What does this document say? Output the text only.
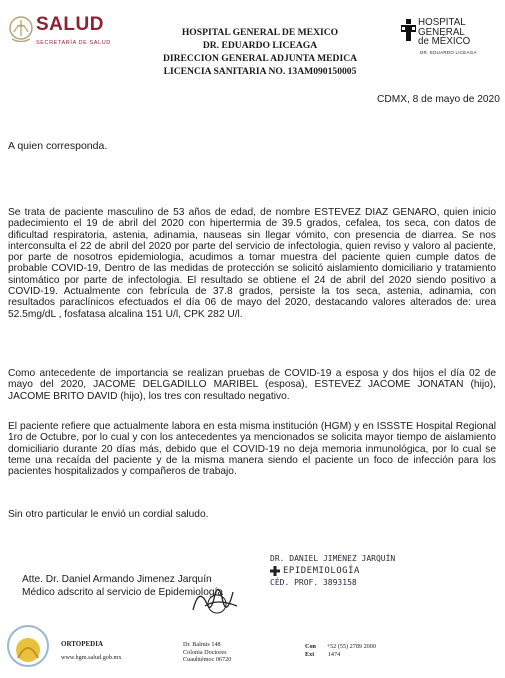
SALUD
SECRETARÍA DE SALUD
HOSPITAL GENERAL DE MEXICO
DR. EDUARDO LICEAGA
DIRECCION GENERAL ADJUNTA MEDICA
LICENCIA SANITARIA NO. 13AM090150005
HOSPITAL
GENERAL
de MÉXICO
DR. EDUARDO LICEAGA
CDMX, 8 de mayo de 2020
A quien corresponda.
Se trata de paciente masculino de 53 años de edad, de nombre ESTEVEZ DIAZ GENARO, quien inicio padecimiento el 19 de abril del 2020 con hipertermia de 39.5 grados, cefalea, tos seca, con datos de dificultad respiratoria, astenia, adinamia, nauseas sin llegar vómito, con presencia de diarrea. Se nos interconsulta el 22 de abril del 2020 por parte del servicio de infectologia, quien reviso y valoro al paciente, por parte de nosotros epidemiologia, acudimos a tomar muestra del paciente quien cumple datos de probable COVID-19, Dentro de las medidas de protección se solicitó aislamiento domiciliario y tratamiento sintomático por parte de infectologia. El resultado se obtiene el 24 de abril del 2020 siendo positivo a COVID-19. Actualmente con febrícula de 37.8 grados, persiste la tos seca, astenia, adinamia, con resultados paraclínicos efectuados el día 06 de mayo del 2020, destacando valores alterados de: urea 52.5mg/dL , fosfatasa alcalina 151 U/l, CPK 282 U/l.
Como antecedente de importancia se realizan pruebas de COVID-19 a esposa y dos hijos el día 02 de mayo del 2020, JACOME DELGADILLO MARIBEL (esposa), ESTEVEZ JACOME JONATAN (hijo), JACOME BRITO DAVID (hijo), los tres con resultado negativo.
El paciente refiere que actualmente labora en esta misma institución (HGM) y en ISSSTE Hospital Regional 1ro de Octubre, por lo cual y con los antecedentes ya mencionados se solicita mayor tiempo de aislamiento domiciliario durante 20 días más, debido que el COVID-19 no deja memoria inmunológica, por lo cual se teme una recaída del paciente y de la misma manera siendo el paciente un foco de infección para los pacientes hospitalizados y compañeros de trabajo.
Sin otro particular le envió un cordial saludo.
Atte. Dr. Daniel Armando Jimenez Jarquín
Médico adscrito al servicio de Epidemiología
DR. DANIEL JIMÉNEZ JARQUÍN
EPIDEMIOLOGÍA
CÉD. PROF. 3893158
ORTOPEDIA
www.hgm.salud.gob.mx
Dr. Balmis 148
Colonia Doctores
Cuauhtémoc 06720
Con +52 (55) 2789 2000
Ext 1474
